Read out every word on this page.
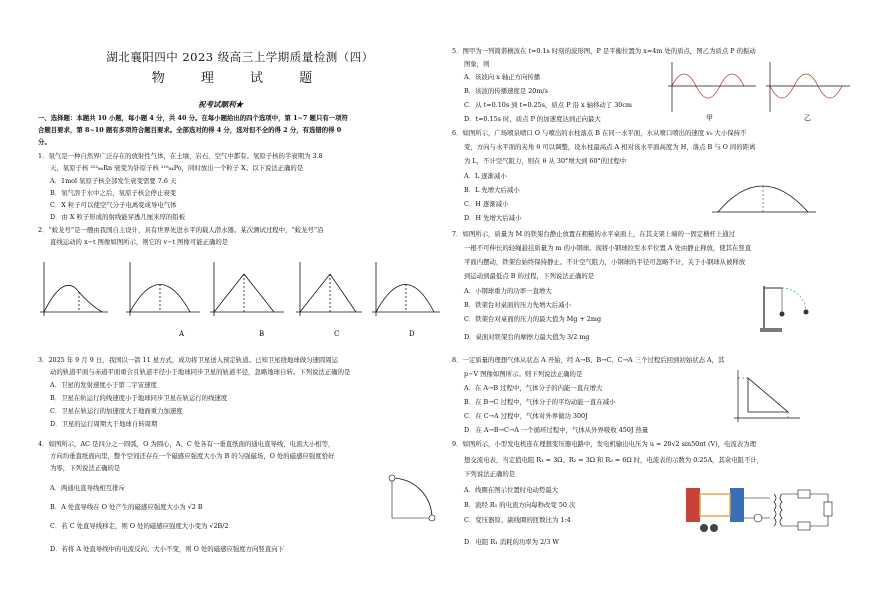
湖北襄阳四中 2023 级高三上学期质量检测（四）
物 理 试 题
祝考试顺利★
一、选择题：本题共 10 小题，每小题 4 分，共 40 分。在每小题给出的四个选项中，第 1~7 题只有一项符
合题目要求，第 8~10 题有多项符合题目要求。全部选对的得 4 分，选对但不全的得 2 分，有选错的得 0
分。
1．氡气是一种自然界广泛存在的放射性气体，在土壤、岩石、空气中都有。氡原子核的半衰期为 3.8
天，氡原子核 ²²²₈₆Rn 衰变为钋原子核 ²¹⁸₈₄Po，同时放出一个粒子 X。以下说法正确的是
A．1mol 氡原子核全部发生衰变需要 7.6 天
B．氡气溶于水中之后，氡原子核会停止衰变
C．X 粒子可以使空气分子电离变成导电气体
D．由 X 粒子形成的射线能穿透几厘米厚的铅板
2．“蛟龙号”是一艘由我国自主设计，具有世界先进水平的载人潜水器。某次测试过程中，“蛟龙号”沿
直线运动的 x−t 图像如图所示，则它的 v−t 图像可能正确的是
A	B	C	D
3．2025 年 9 月 9 日，我国以一箭 11 星方式，成功将卫星送入预定轨道。已知卫星绕地球做匀速圆周运
动的轨道平面与赤道平面重合且轨道半径小于地球同步卫星的轨道半径，忽略地球自转。下列说法正确的是
A．卫星的发射速度小于第二宇宙速度
B．卫星在轨运行的线速度小于地球同步卫星在轨运行的线速度
C．卫星在轨运行的加速度大于地面重力加速度
D．卫星的运行周期大于地球自转周期
4．如图所示，AC 是四分之一圆弧，O 为圆心，A、C 处各有一垂直纸面的通电直导线，电流大小相等，
方向均垂直纸面向里，整个空间还存在一个磁感应强度大小为 B 的匀强磁场，O 处的磁感应强度恰好
为零，下列说法正确的是
A．两通电直导线相互排斥
B．A 处直导线在 O 处产生的磁感应强度大小为 √2 B
C．若 C 处直导线移走，则 O 处的磁感应强度大小变为 √2B/2
D．若将 A 处直导线中的电流反向、大小不变，则 O 处的磁感应强度方向竖直向下
5．图甲为一列简谐横波在 t=0.1s 时刻的波形图，P 是平衡位置为 x=4m 处的质点，图乙为质点 P 的振动
图象，则
A．该波向 x 轴正方向传播
B．该波的传播速度是 20m/s
C．从 t=0.10s 到 t=0.25s，质点 P 沿 x 轴移动了 30cm
D．t=0.15s 时，质点 P 的加速度达到正向最大	甲	乙
6．如图所示，广场喷泉喷口 O 与喷出的水柱落点 B 在同一水平面，水从喷口喷出的速度 v₀ 大小保持不
变，方向与水平面的夹角 θ 可以调整，设水柱最高点 A 相对该水平面高度为 H，落点 B 与 O 间的距离
为 L，不计空气阻力，则在 θ 从 30°增大到 60°的过程中
A．L 逐渐减小
B．L 先增大后减小
C．H 逐渐减小
D．H 先增大后减小
7．如图所示，质量为 M 的铁架台静止放置在粗糙的水平桌面上，在其支架上端的一固定横杆上通过
一根不可伸长的轻绳悬挂质量为 m 的小钢球。现将小钢球拉至水平位置 A 处由静止释放，使其在竖直
平面内摆动，铁架台始终保持静止。不计空气阻力，小钢球的半径可忽略不计，关于小钢球从被释放
到运动到最低点 B 的过程，下列说法正确的是
A．小钢球重力的功率一直增大
B．铁架台对桌面的压力先增大后减小
C．铁架台对桌面的压力的最大值为 Mg + 2mg
D．桌面对铁架台的摩擦力最大值为 3/2 mg
8．一定质量的理想气体从状态 A 开始，经 A→B、B→C、C→A 三个过程后回到初始状态 A，其
p−V 图像如图所示。则下列说法正确的是
A．在 A→B 过程中，气体分子的内能一直在增大
B．在 B→C 过程中，气体分子的平均动能一直在减小
C．在 C→A 过程中，气体对外界做功 300J
D．在 A→B→C→A 一个循环过程中，气体从外界吸收 450J 热量
9．如图所示，小型发电机连在理想变压器电路中，发电机输出电压为 u = 20√2 sin50πt (V)，电流表为理
想交流电表，当定值电阻 R₁ = 3Ω、R₂ = 3Ω 和 R₃ = 6Ω 时，电流表的示数为 0.25A，其余电阻不计，
下列说法正确的是
A．线圈在图示位置时电动势最大
B．流经 R₁ 的电流方向每秒改变 50 次
C．变压器原、副线圈的匝数比为 1:4
D．电阻 R₁ 消耗的功率为 2/3 W
